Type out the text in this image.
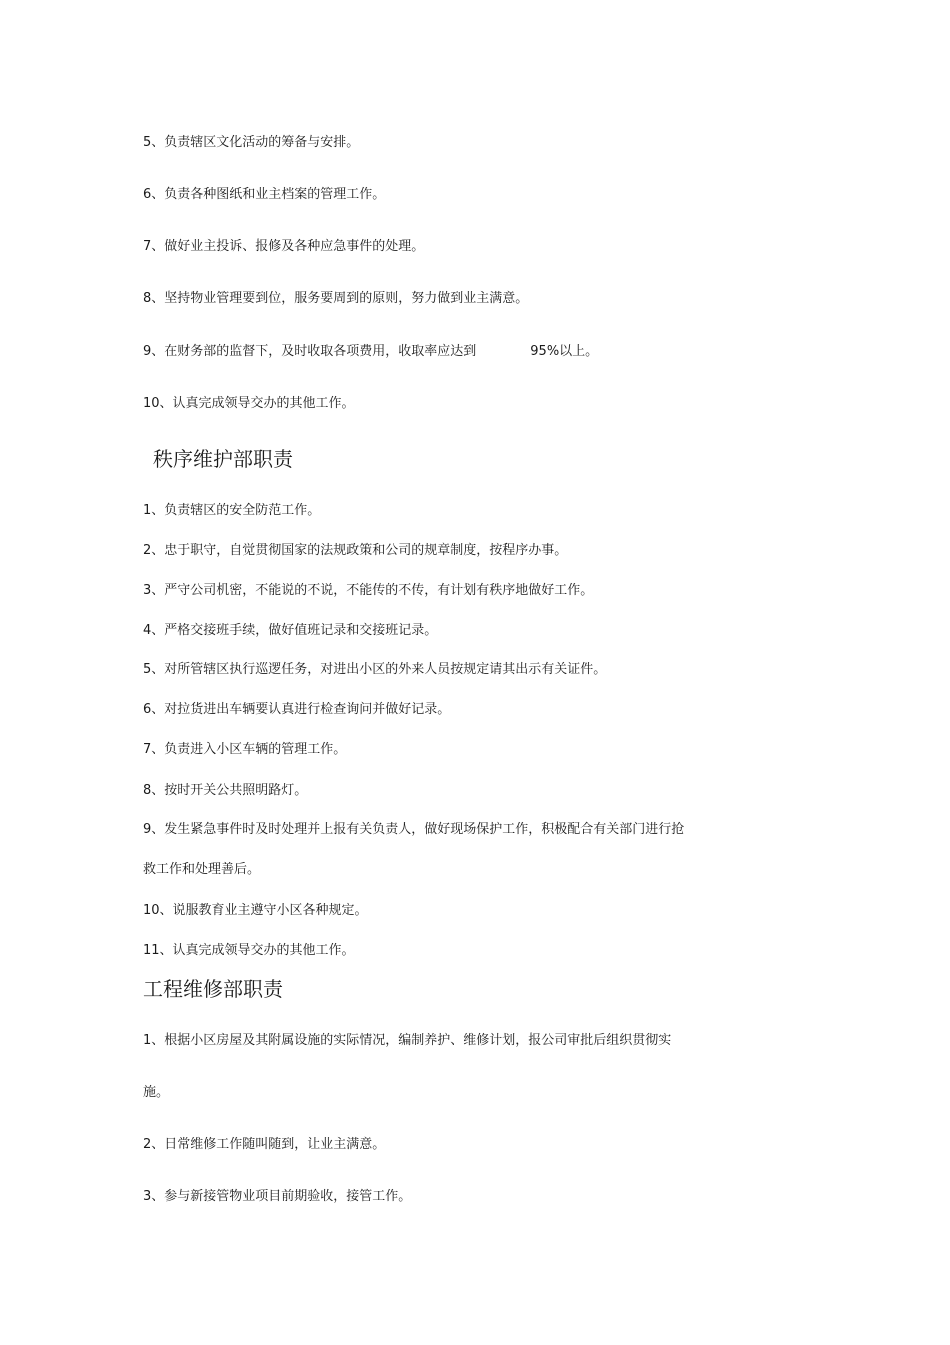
5、负责辖区文化活动的筹备与安排。
6、负责各种图纸和业主档案的管理工作。
7、做好业主投诉、报修及各种应急事件的处理。
8、坚持物业管理要到位，服务要周到的原则，努力做到业主满意。
9、在财务部的监督下，及时收取各项费用，收取率应达到	95%以上。
10、认真完成领导交办的其他工作。
秩序维护部职责
1、负责辖区的安全防范工作。
2、忠于职守，自觉贯彻国家的法规政策和公司的规章制度，按程序办事。
3、严守公司机密，不能说的不说，不能传的不传，有计划有秩序地做好工作。
4、严格交接班手续，做好值班记录和交接班记录。
5、对所管辖区执行巡逻任务，对进出小区的外来人员按规定请其出示有关证件。
6、对拉货进出车辆要认真进行检查询问并做好记录。
7、负责进入小区车辆的管理工作。
8、按时开关公共照明路灯。
9、发生紧急事件时及时处理并上报有关负责人，做好现场保护工作，积极配合有关部门进行抢
救工作和处理善后。
10、说服教育业主遵守小区各种规定。
11、认真完成领导交办的其他工作。
工程维修部职责
1、根据小区房屋及其附属设施的实际情况，编制养护、维修计划，报公司审批后组织贯彻实
施。
2、日常维修工作随叫随到，让业主满意。
3、参与新接管物业项目前期验收，接管工作。
